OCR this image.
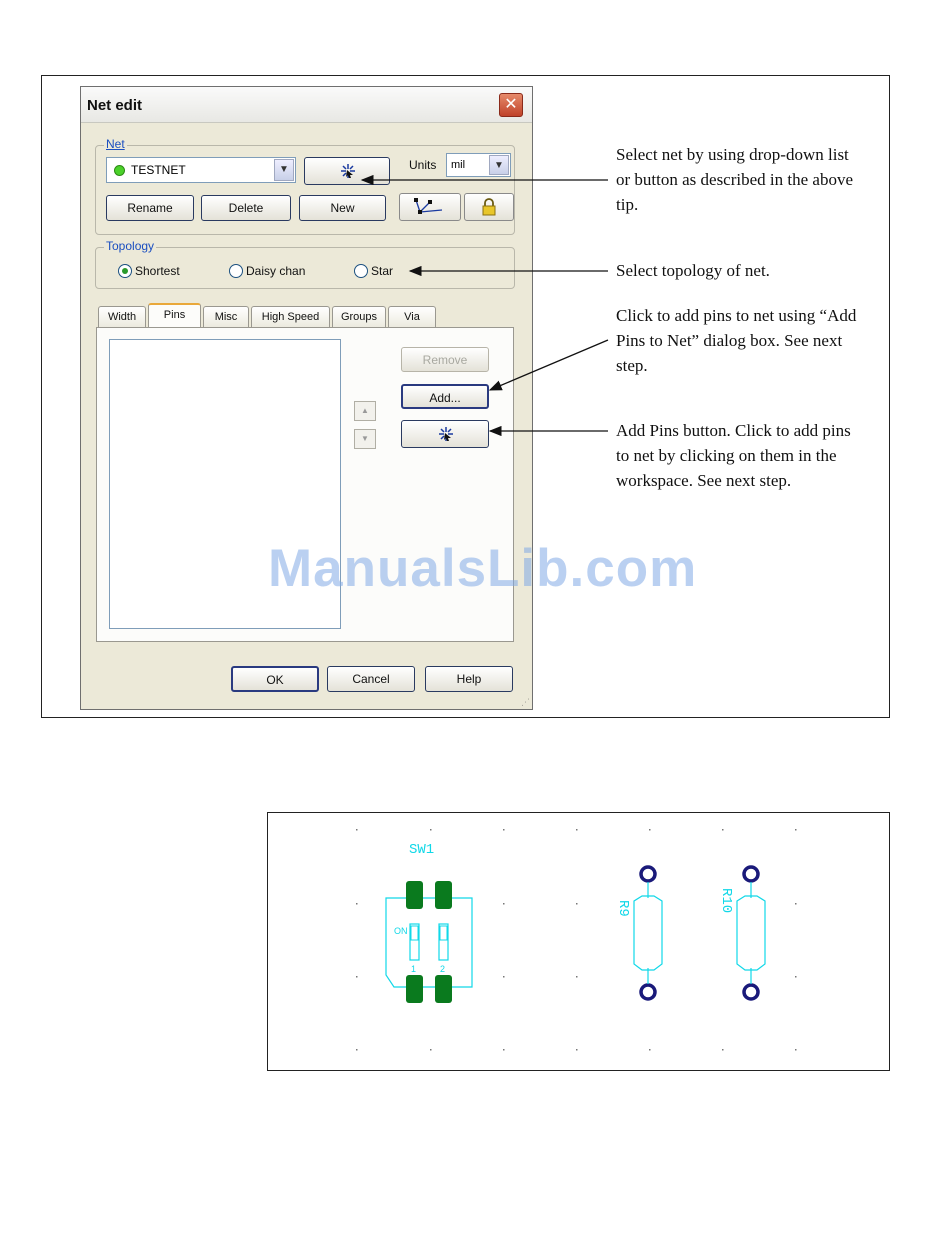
Net edit	✕
Net
TESTNET	▼	Units mil	▼
Rename	Delete	New
Topology
Shortest	Daisy chan	Star
Width	Pins	Misc	High Speed	Groups	Via
▲
▼
Remove
Add...
OK	Cancel	Help
⋰
Select net by using drop-down list or button as described in the above tip.
Select topology of net.
Click to add pins to net using “Add Pins to Net” dialog box. See next step.
Add Pins button. Click to add pins to net by clicking on them in the workspace. See next step.
ManualsLib.com
SW1
ON
1	2
R9	R10
